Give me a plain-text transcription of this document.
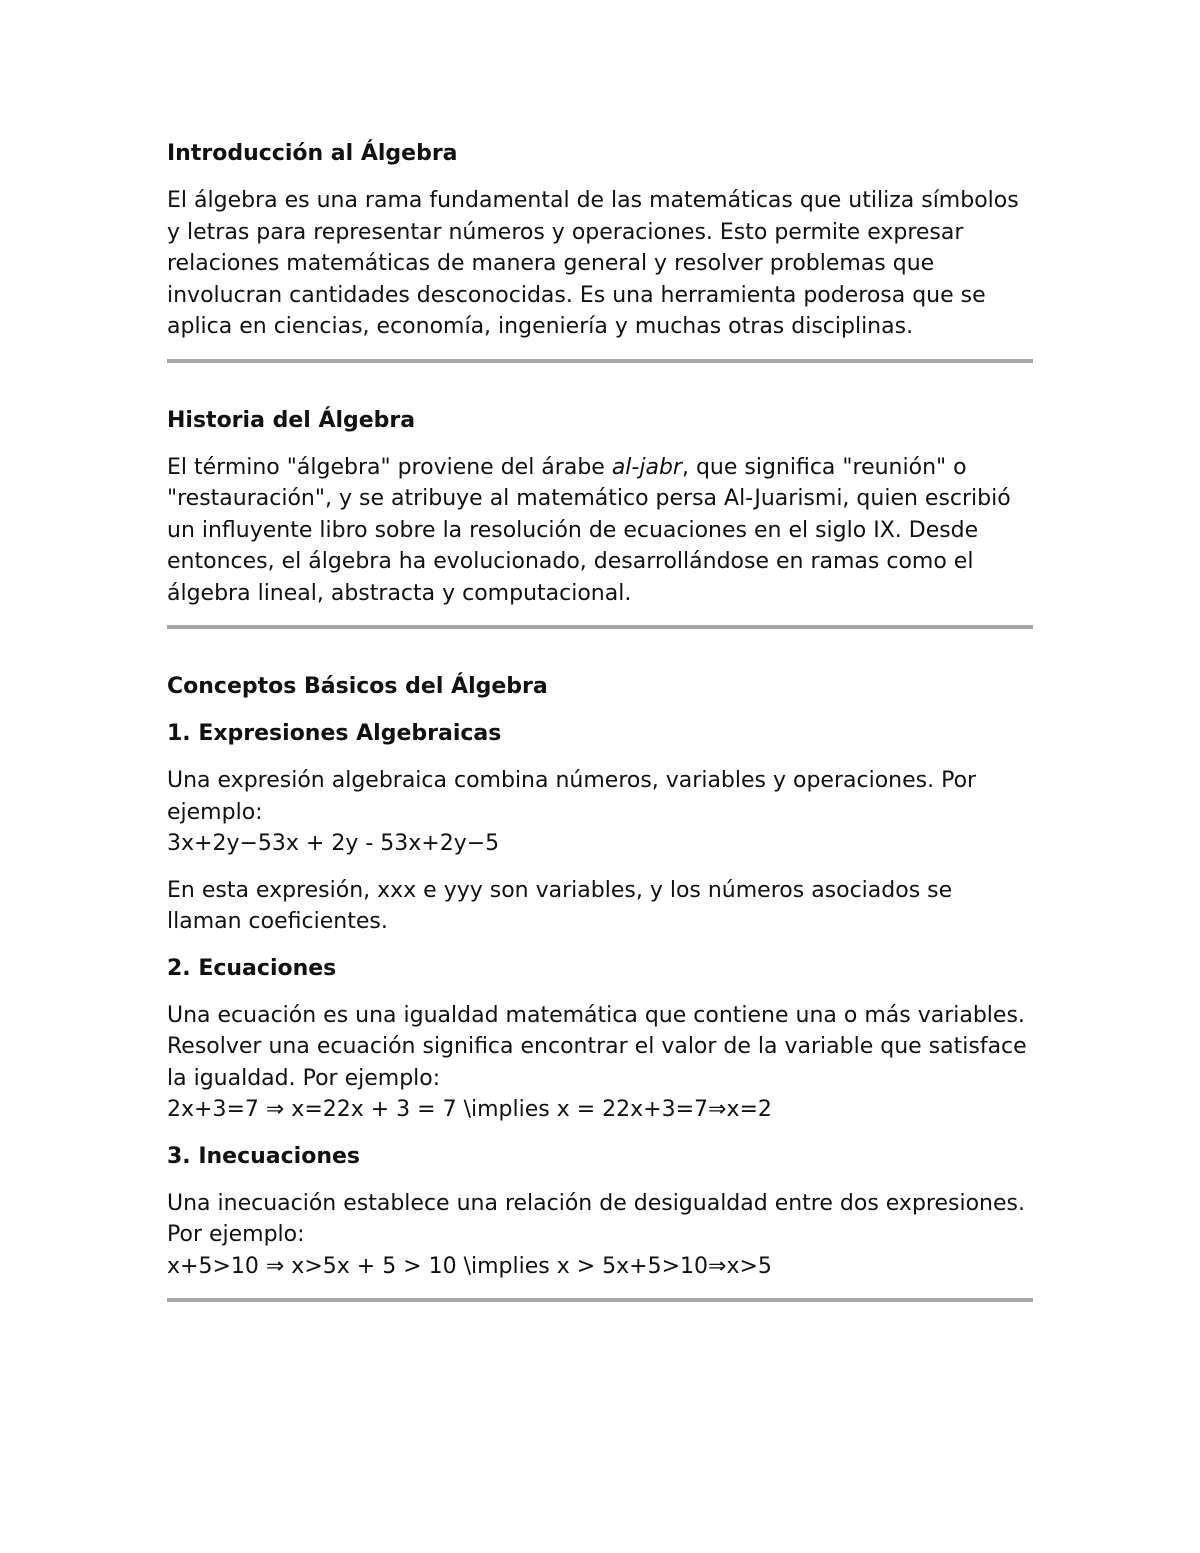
Introducción al Álgebra

El álgebra es una rama fundamental de las matemáticas que utiliza símbolos y letras para representar números y operaciones. Esto permite expresar relaciones matemáticas de manera general y resolver problemas que involucran cantidades desconocidas. Es una herramienta poderosa que se aplica en ciencias, economía, ingeniería y muchas otras disciplinas.

Historia del Álgebra

El término "álgebra" proviene del árabe al-jabr, que significa "reunión" o "restauración", y se atribuye al matemático persa Al-Juarismi, quien escribió un influyente libro sobre la resolución de ecuaciones en el siglo IX. Desde entonces, el álgebra ha evolucionado, desarrollándose en ramas como el álgebra lineal, abstracta y computacional.

Conceptos Básicos del Álgebra
1. Expresiones Algebraicas

Una expresión algebraica combina números, variables y operaciones. Por ejemplo:

3x+2y−53x + 2y - 53x+2y−5

En esta expresión, xxx e yyy son variables, y los números asociados se llaman coeficientes.

2. Ecuaciones

Una ecuación es una igualdad matemática que contiene una o más variables. Resolver una ecuación significa encontrar el valor de la variable que satisface la igualdad. Por ejemplo:

2x+3=7 ⇒ x=22x + 3 = 7 \implies x = 22x+3=7⇒x=2

3. Inecuaciones

Una inecuación establece una relación de desigualdad entre dos expresiones. Por ejemplo:

x+5>10 ⇒ x>5x + 5 > 10 \implies x > 5x+5>10⇒x>5
